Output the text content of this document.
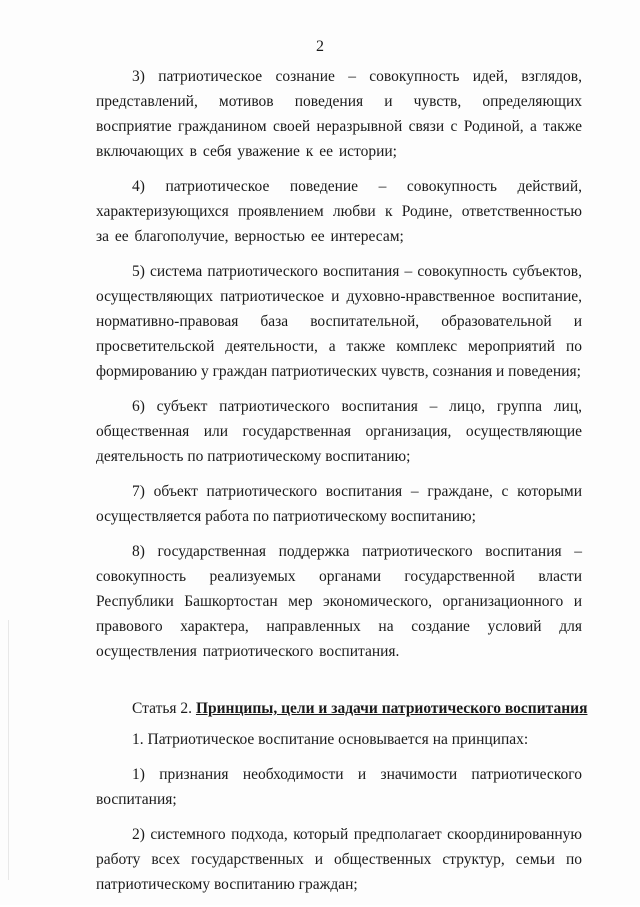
2

3) патриотическое сознание – совокупность идей, взглядов, представлений, мотивов поведения и чувств, определяющих восприятие гражданином своей неразрывной связи с Родиной, а также включающих в себя уважение к ее истории;

4) патриотическое поведение – совокупность действий, характеризующихся проявлением любви к Родине, ответственностью за ее благополучие, верностью ее интересам;

5) система патриотического воспитания – совокупность субъектов, осуществляющих патриотическое и духовно-нравственное воспитание, нормативно-правовая база воспитательной, образовательной и просветительской деятельности, а также комплекс мероприятий по формированию у граждан патриотических чувств, сознания и поведения;

6) субъект патриотического воспитания – лицо, группа лиц, общественная или государственная организация, осуществляющие деятельность по патриотическому воспитанию;

7) объект патриотического воспитания – граждане, с которыми осуществляется работа по патриотическому воспитанию;

8) государственная поддержка патриотического воспитания – совокупность реализуемых органами государственной власти Республики Башкортостан мер экономического, организационного и правового характера, направленных на создание условий для осуществления патриотического воспитания.

Статья 2. Принципы, цели и задачи патриотического воспитания

1. Патриотическое воспитание основывается на принципах:

1) признания необходимости и значимости патриотического воспитания;

2) системного подхода, который предполагает скоординированную работу всех государственных и общественных структур, семьи по патриотическому воспитанию граждан;
